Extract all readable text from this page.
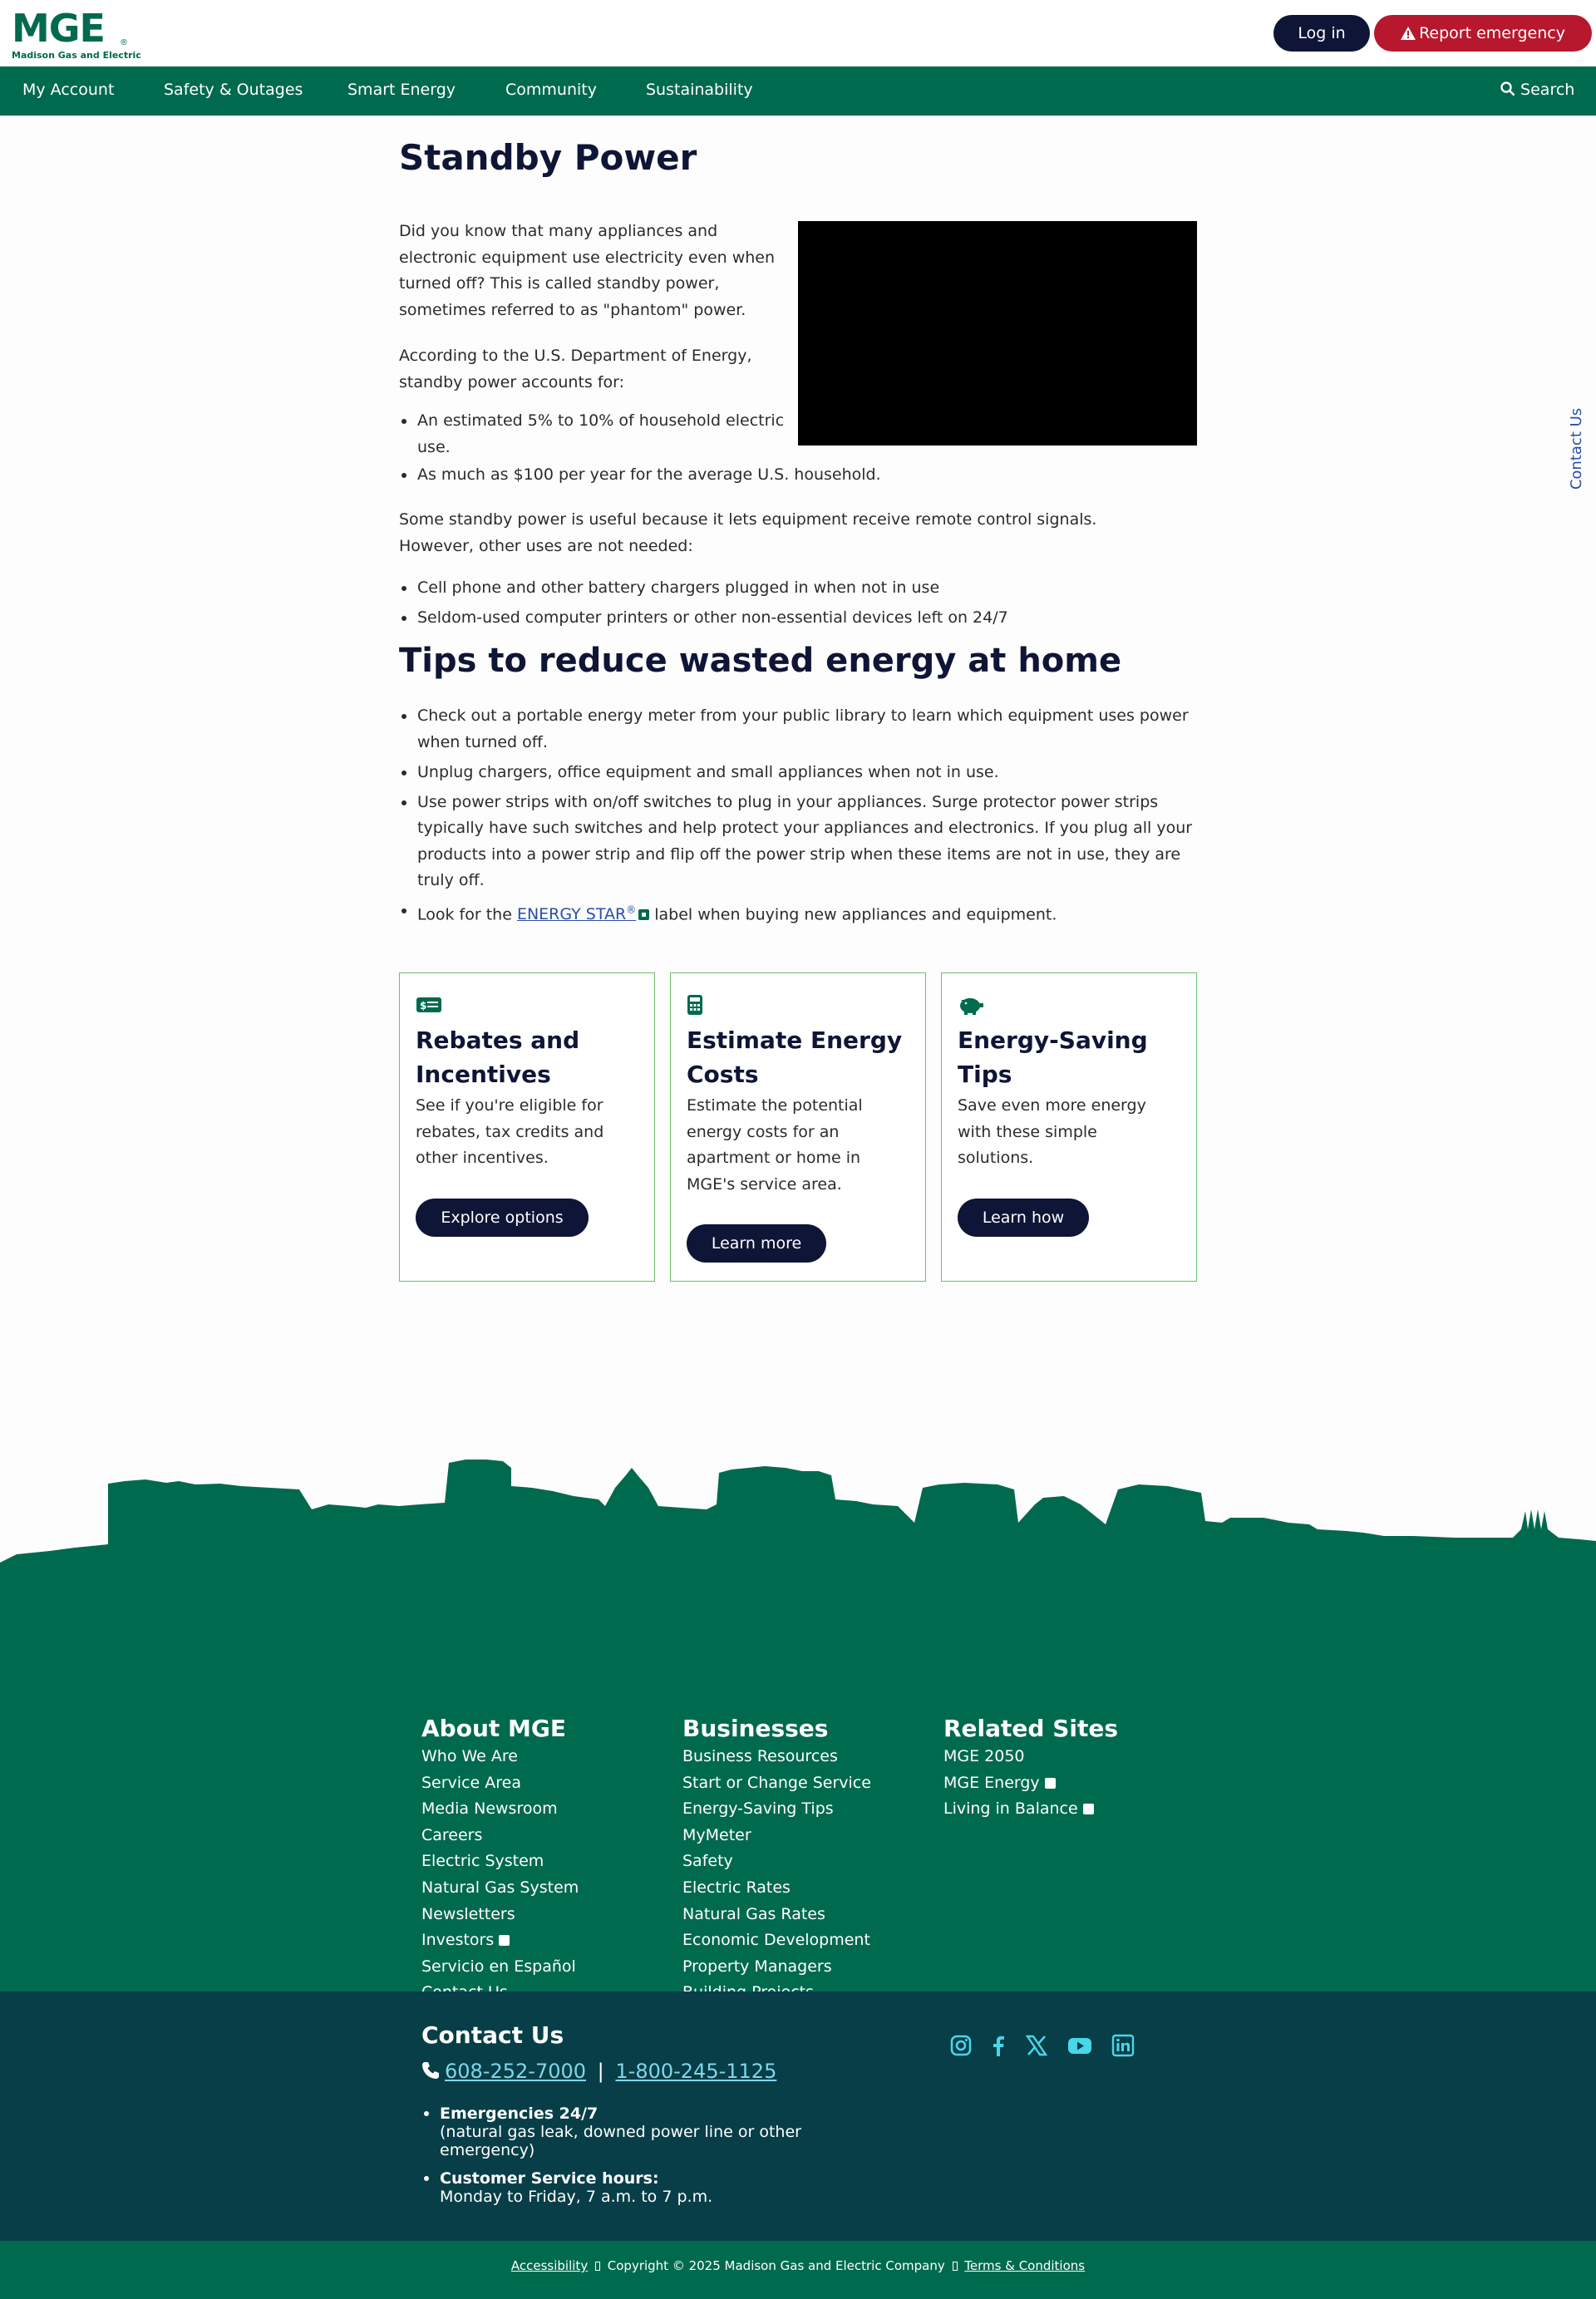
MGE ®
Madison Gas and Electric
Log in	Report emergency
My Account	Safety & Outages	Smart Energy	Community	Sustainability	Search
Contact Us
Standby Power

Did you know that many appliances and electronic equipment use electricity even when turned off? This is called standby power, sometimes referred to as "phantom" power.

According to the U.S. Department of Energy, standby power accounts for:

An estimated 5% to 10% of household electric use.
As much as $100 per year for the average U.S. household.

Some standby power is useful because it lets equipment receive remote control signals. However, other uses are not needed:

Cell phone and other battery chargers plugged in when not in use
Seldom-used computer printers or other non-essential devices left on 24/7
Tips to reduce wasted energy at home
Check out a portable energy meter from your public library to learn which equipment uses power when turned off.
Unplug chargers, office equipment and small appliances when not in use.
Use power strips with on/off switches to plug in your appliances. Surge protector power strips typically have such switches and help protect your appliances and electronics. If you plug all your products into a power strip and flip off the power strip when these items are not in use, they are truly off.
Look for the ENERGY STAR® label when buying new appliances and equipment.
$
Rebates and Incentives

See if you're eligible for rebates, tax credits and other incentives.

Explore options
Estimate Energy Costs

Estimate the potential energy costs for an apartment or home in MGE's service area.

Learn more
Energy-Saving Tips

Save even more energy with these simple solutions.

Learn how
About MGE
Who We Are
Service Area
Media Newsroom
Careers
Electric System
Natural Gas System
Newsletters
Investors
Servicio en Español
Businesses
Business Resources
Start or Change Service
Energy-Saving Tips
MyMeter
Safety
Electric Rates
Natural Gas Rates
Economic Development
Property Managers
Related Sites
MGE 2050
MGE Energy
Living in Balance
Contact Us
608-252-7000 | 1-800-245-1125
Emergencies 24/7
(natural gas leak, downed power line or other emergency)
Customer Service hours:
Monday to Friday, 7 a.m. to 7 p.m.
Accessibility Copyright © 2025 Madison Gas and Electric Company Terms & Conditions
